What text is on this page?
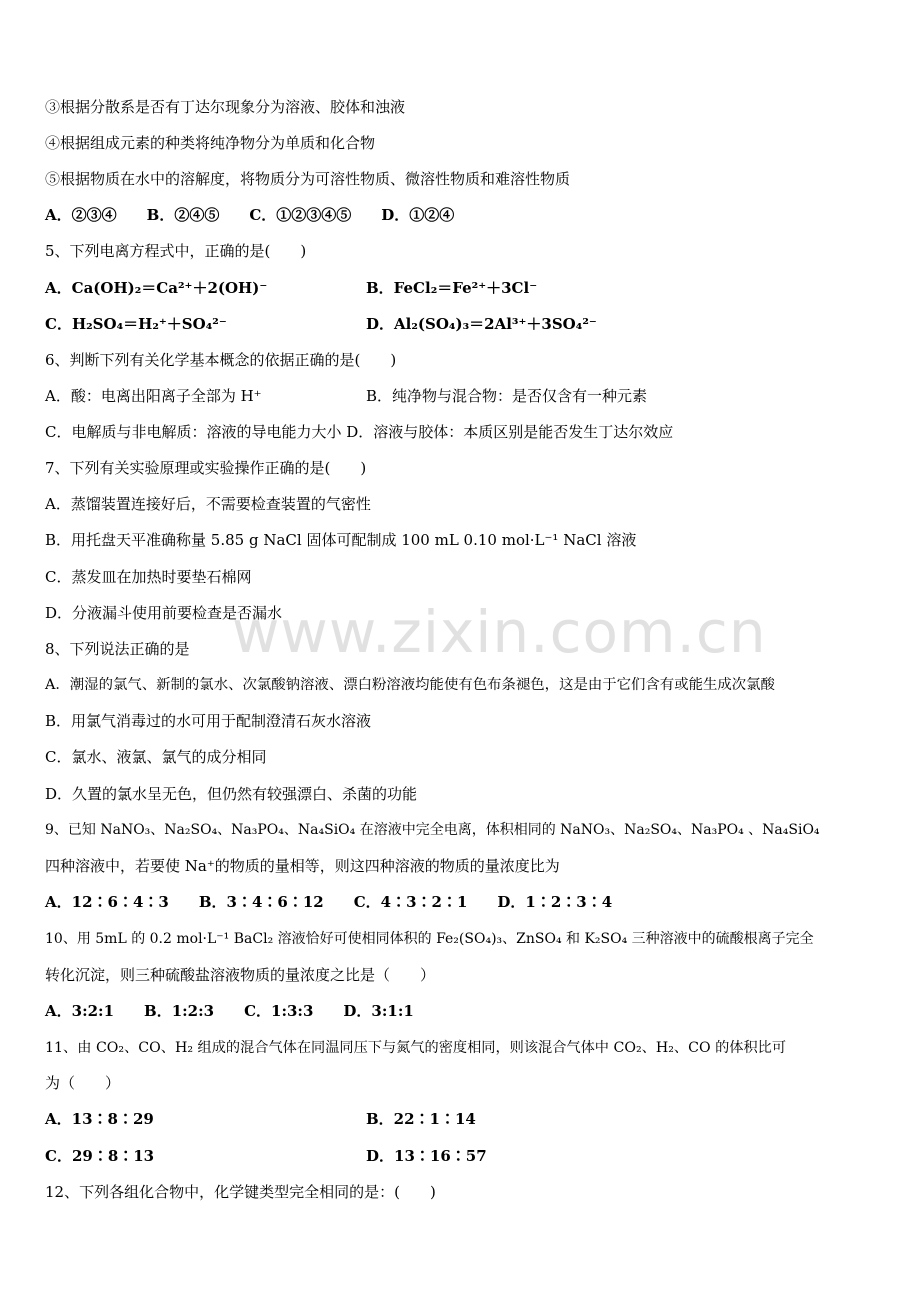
www.zixin.com.cn
③根据分散系是否有丁达尔现象分为溶液、胶体和浊液
④根据组成元素的种类将纯净物分为单质和化合物
⑤根据物质在水中的溶解度，将物质分为可溶性物质、微溶性物质和难溶性物质
A．②③④　　B．②④⑤　　C．①②③④⑤　　D．①②④
5、下列电离方程式中，正确的是(　　)
A．Ca(OH)₂＝Ca²⁺＋2(OH)⁻	B．FeCl₂＝Fe²⁺＋3Cl⁻
C．H₂SO₄＝H₂⁺＋SO₄²⁻	D．Al₂(SO₄)₃＝2Al³⁺＋3SO₄²⁻
6、判断下列有关化学基本概念的依据正确的是(　　)
A．酸：电离出阳离子全部为 H⁺	B．纯净物与混合物：是否仅含有一种元素
C．电解质与非电解质：溶液的导电能力大小 D．溶液与胶体：本质区别是能否发生丁达尔效应
7、下列有关实验原理或实验操作正确的是(　　)
A．蒸馏装置连接好后，不需要检查装置的气密性
B．用托盘天平准确称量 5.85 g NaCl 固体可配制成 100 mL 0.10 mol·L⁻¹ NaCl 溶液
C．蒸发皿在加热时要垫石棉网
D．分液漏斗使用前要检查是否漏水
8、下列说法正确的是
A．潮湿的氯气、新制的氯水、次氯酸钠溶液、漂白粉溶液均能使有色布条褪色，这是由于它们含有或能生成次氯酸
B．用氯气消毒过的水可用于配制澄清石灰水溶液
C．氯水、液氯、氯气的成分相同
D．久置的氯水呈无色，但仍然有较强漂白、杀菌的功能
9、已知 NaNO₃、Na₂SO₄、Na₃PO₄、Na₄SiO₄ 在溶液中完全电离，体积相同的 NaNO₃、Na₂SO₄、Na₃PO₄ 、Na₄SiO₄
四种溶液中，若要使 Na⁺的物质的量相等，则这四种溶液的物质的量浓度比为
A．12∶6∶4∶3　　B．3∶4∶6∶12　　C．4∶3∶2∶1　　D．1∶2∶3∶4
10、用 5mL 的 0.2 mol·L⁻¹ BaCl₂ 溶液恰好可使相同体积的 Fe₂(SO₄)₃、ZnSO₄ 和 K₂SO₄ 三种溶液中的硫酸根离子完全
转化沉淀，则三种硫酸盐溶液物质的量浓度之比是（　　）
A．3:2:1　　B．1:2:3　　C．1:3:3　　D．3:1:1
11、由 CO₂、CO、H₂ 组成的混合气体在同温同压下与氮气的密度相同，则该混合气体中 CO₂、H₂、CO 的体积比可
为（　　）
A．13∶8∶29	B．22∶1∶14
C．29∶8∶13	D．13∶16∶57
12、下列各组化合物中，化学键类型完全相同的是：(　　)
